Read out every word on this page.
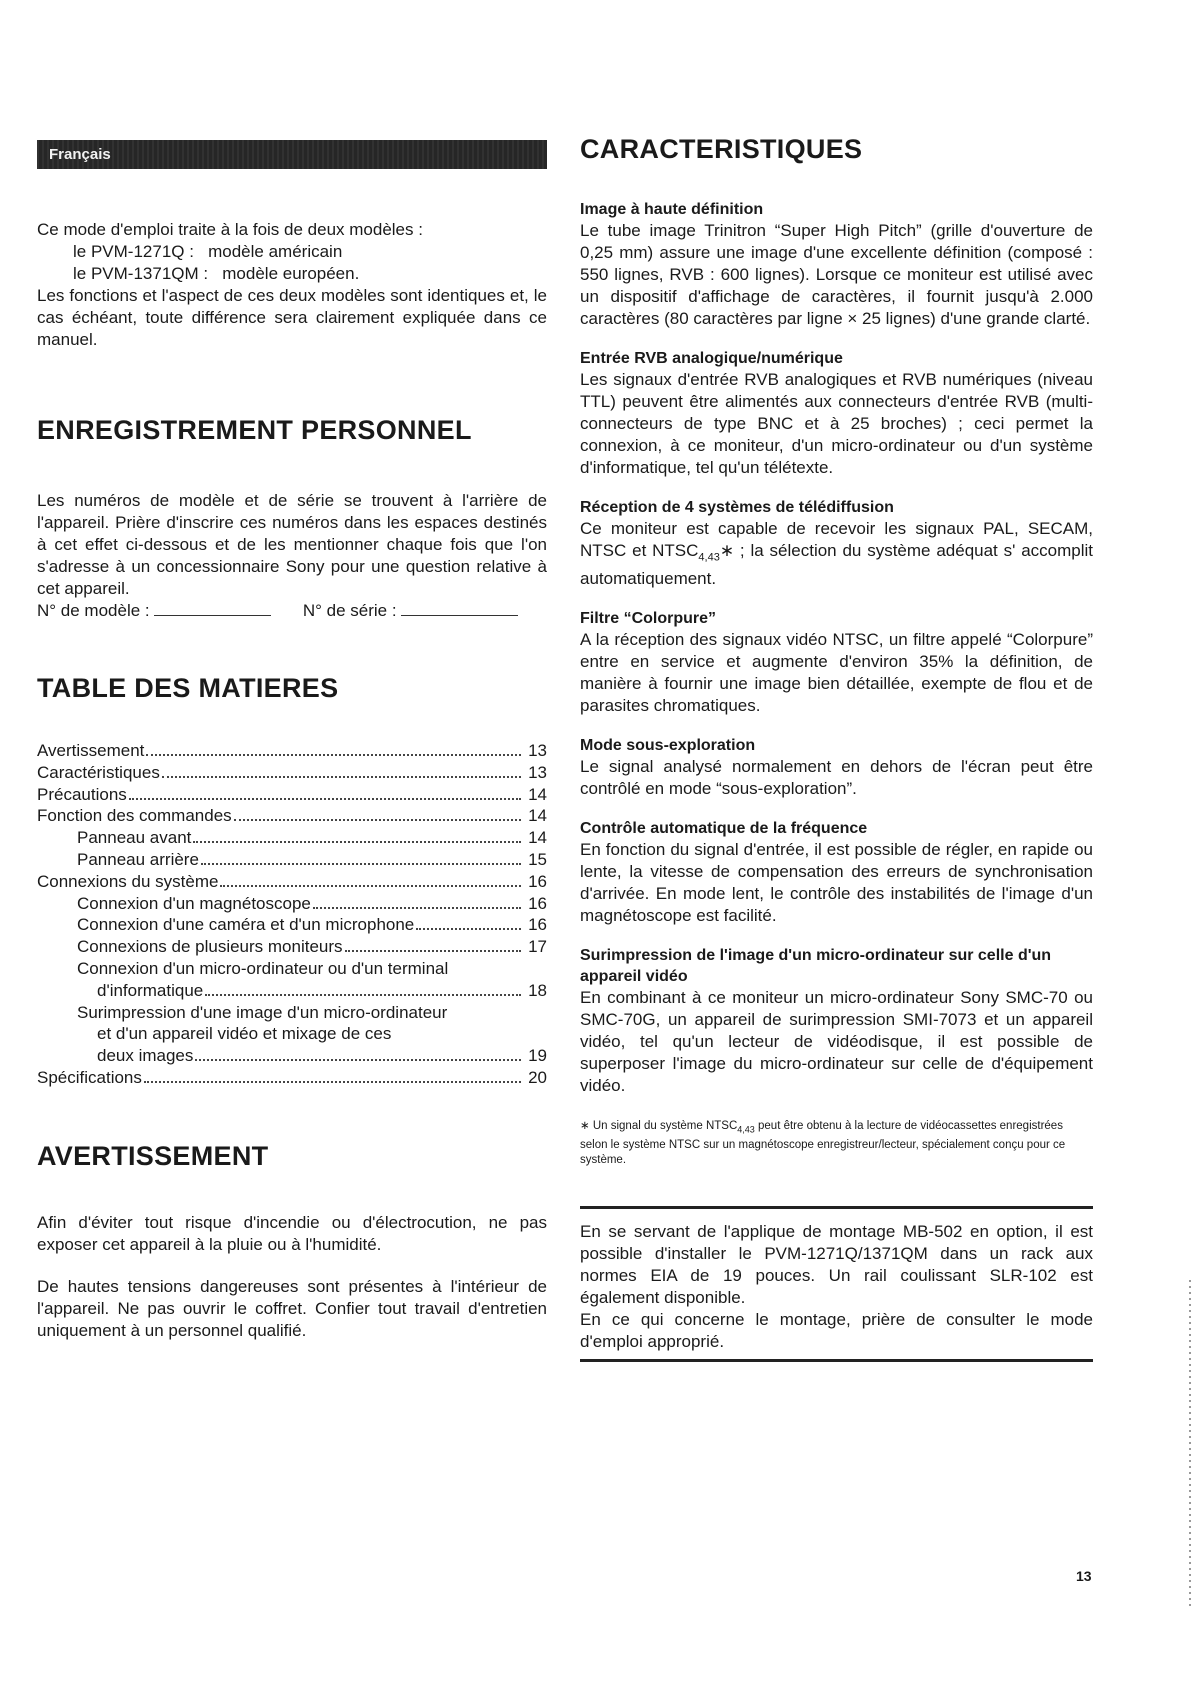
Français

Ce mode d'emploi traite à la fois de deux modèles :

le PVM-1271Q :   modèle américain

le PVM-1371QM :   modèle européen.

Les fonctions et l'aspect de ces deux modèles sont identiques et, le cas échéant, toute différence sera clairement expliquée dans ce manuel.

ENREGISTREMENT PERSONNEL

Les numéros de modèle et de série se trouvent à l'arrière de l'appareil. Prière d'inscrire ces numéros dans les espaces destinés à cet effet ci-dessous et de les mentionner chaque fois que l'on s'adresse à un concessionnaire Sony pour une question relative à cet appareil.

N° de modèle :	N° de série :

TABLE DES MATIERES
Avertissement	13
Caractéristiques	13
Précautions	14
Fonction des commandes	14
Panneau avant	14
Panneau arrière	15
Connexions du système	16
Connexion d'un magnétoscope	16
Connexion d'une caméra et d'un microphone	16
Connexions de plusieurs moniteurs	17
Connexion d'un micro-ordinateur ou d'un terminal
d'informatique	18
Surimpression d'une image d'un micro-ordinateur
et d'un appareil vidéo et mixage de ces
deux images	19
Spécifications	20
AVERTISSEMENT

Afin d'éviter tout risque d'incendie ou d'électrocution, ne pas exposer cet appareil à la pluie ou à l'humidité.

De hautes tensions dangereuses sont présentes à l'intérieur de l'appareil. Ne pas ouvrir le coffret. Confier tout travail d'entretien uniquement à un personnel qualifié.

CARACTERISTIQUES
Image à haute définition

Le tube image Trinitron “Super High Pitch” (grille d'ouverture de 0,25 mm) assure une image d'une excellente définition (composé : 550 lignes, RVB : 600 lignes). Lorsque ce moniteur est utilisé avec un dispositif d'affichage de caractères, il fournit jusqu'à 2.000 caractères (80 caractères par ligne × 25 lignes) d'une grande clarté.

Entrée RVB analogique/numérique

Les signaux d'entrée RVB analogiques et RVB numériques (niveau TTL) peuvent être alimentés aux connecteurs d'entrée RVB (multi-connecteurs de type BNC et à 25 broches) ; ceci permet la connexion, à ce moniteur, d'un micro-ordinateur ou d'un système d'informatique, tel qu'un télétexte.

Réception de 4 systèmes de télédiffusion

Ce moniteur est capable de recevoir les signaux PAL, SECAM, NTSC et $NTSC_{4,43}∗$ ; la sélection du système adéquat s' accomplit automatiquement.

Filtre “Colorpure”

A la réception des signaux vidéo NTSC, un filtre appelé “Colorpure” entre en service et augmente d'environ 35% la définition, de manière à fournir une image bien détaillée, exempte de flou et de parasites chromatiques.

Mode sous-exploration

Le signal analysé normalement en dehors de l'écran peut être contrôlé en mode “sous-exploration”.

Contrôle automatique de la fréquence

En fonction du signal d'entrée, il est possible de régler, en rapide ou lente, la vitesse de compensation des erreurs de synchronisation d'arrivée. En mode lent, le contrôle des instabilités de l'image d'un magnétoscope est facilité.

Surimpression de l'image d'un micro-ordinateur sur celle d'un appareil vidéo

En combinant à ce moniteur un micro-ordinateur Sony SMC-70 ou SMC-70G, un appareil de surimpression SMI-7073 et un appareil vidéo, tel qu'un lecteur de vidéodisque, il est possible de superposer l'image du micro-ordinateur sur celle de d'équipement vidéo.

∗ Un signal du système $NTSC_{4,43}$ peut être obtenu à la lecture de vidéocassettes enregistrées selon le système NTSC sur un magnétoscope enregistreur/lecteur, spécialement conçu pour ce système.

En se servant de l'applique de montage MB-502 en option, il est possible d'installer le PVM-1271Q/1371QM dans un rack aux normes EIA de 19 pouces. Un rail coulissant SLR-102 est également disponible.

En ce qui concerne le montage, prière de consulter le mode d'emploi approprié.

13
